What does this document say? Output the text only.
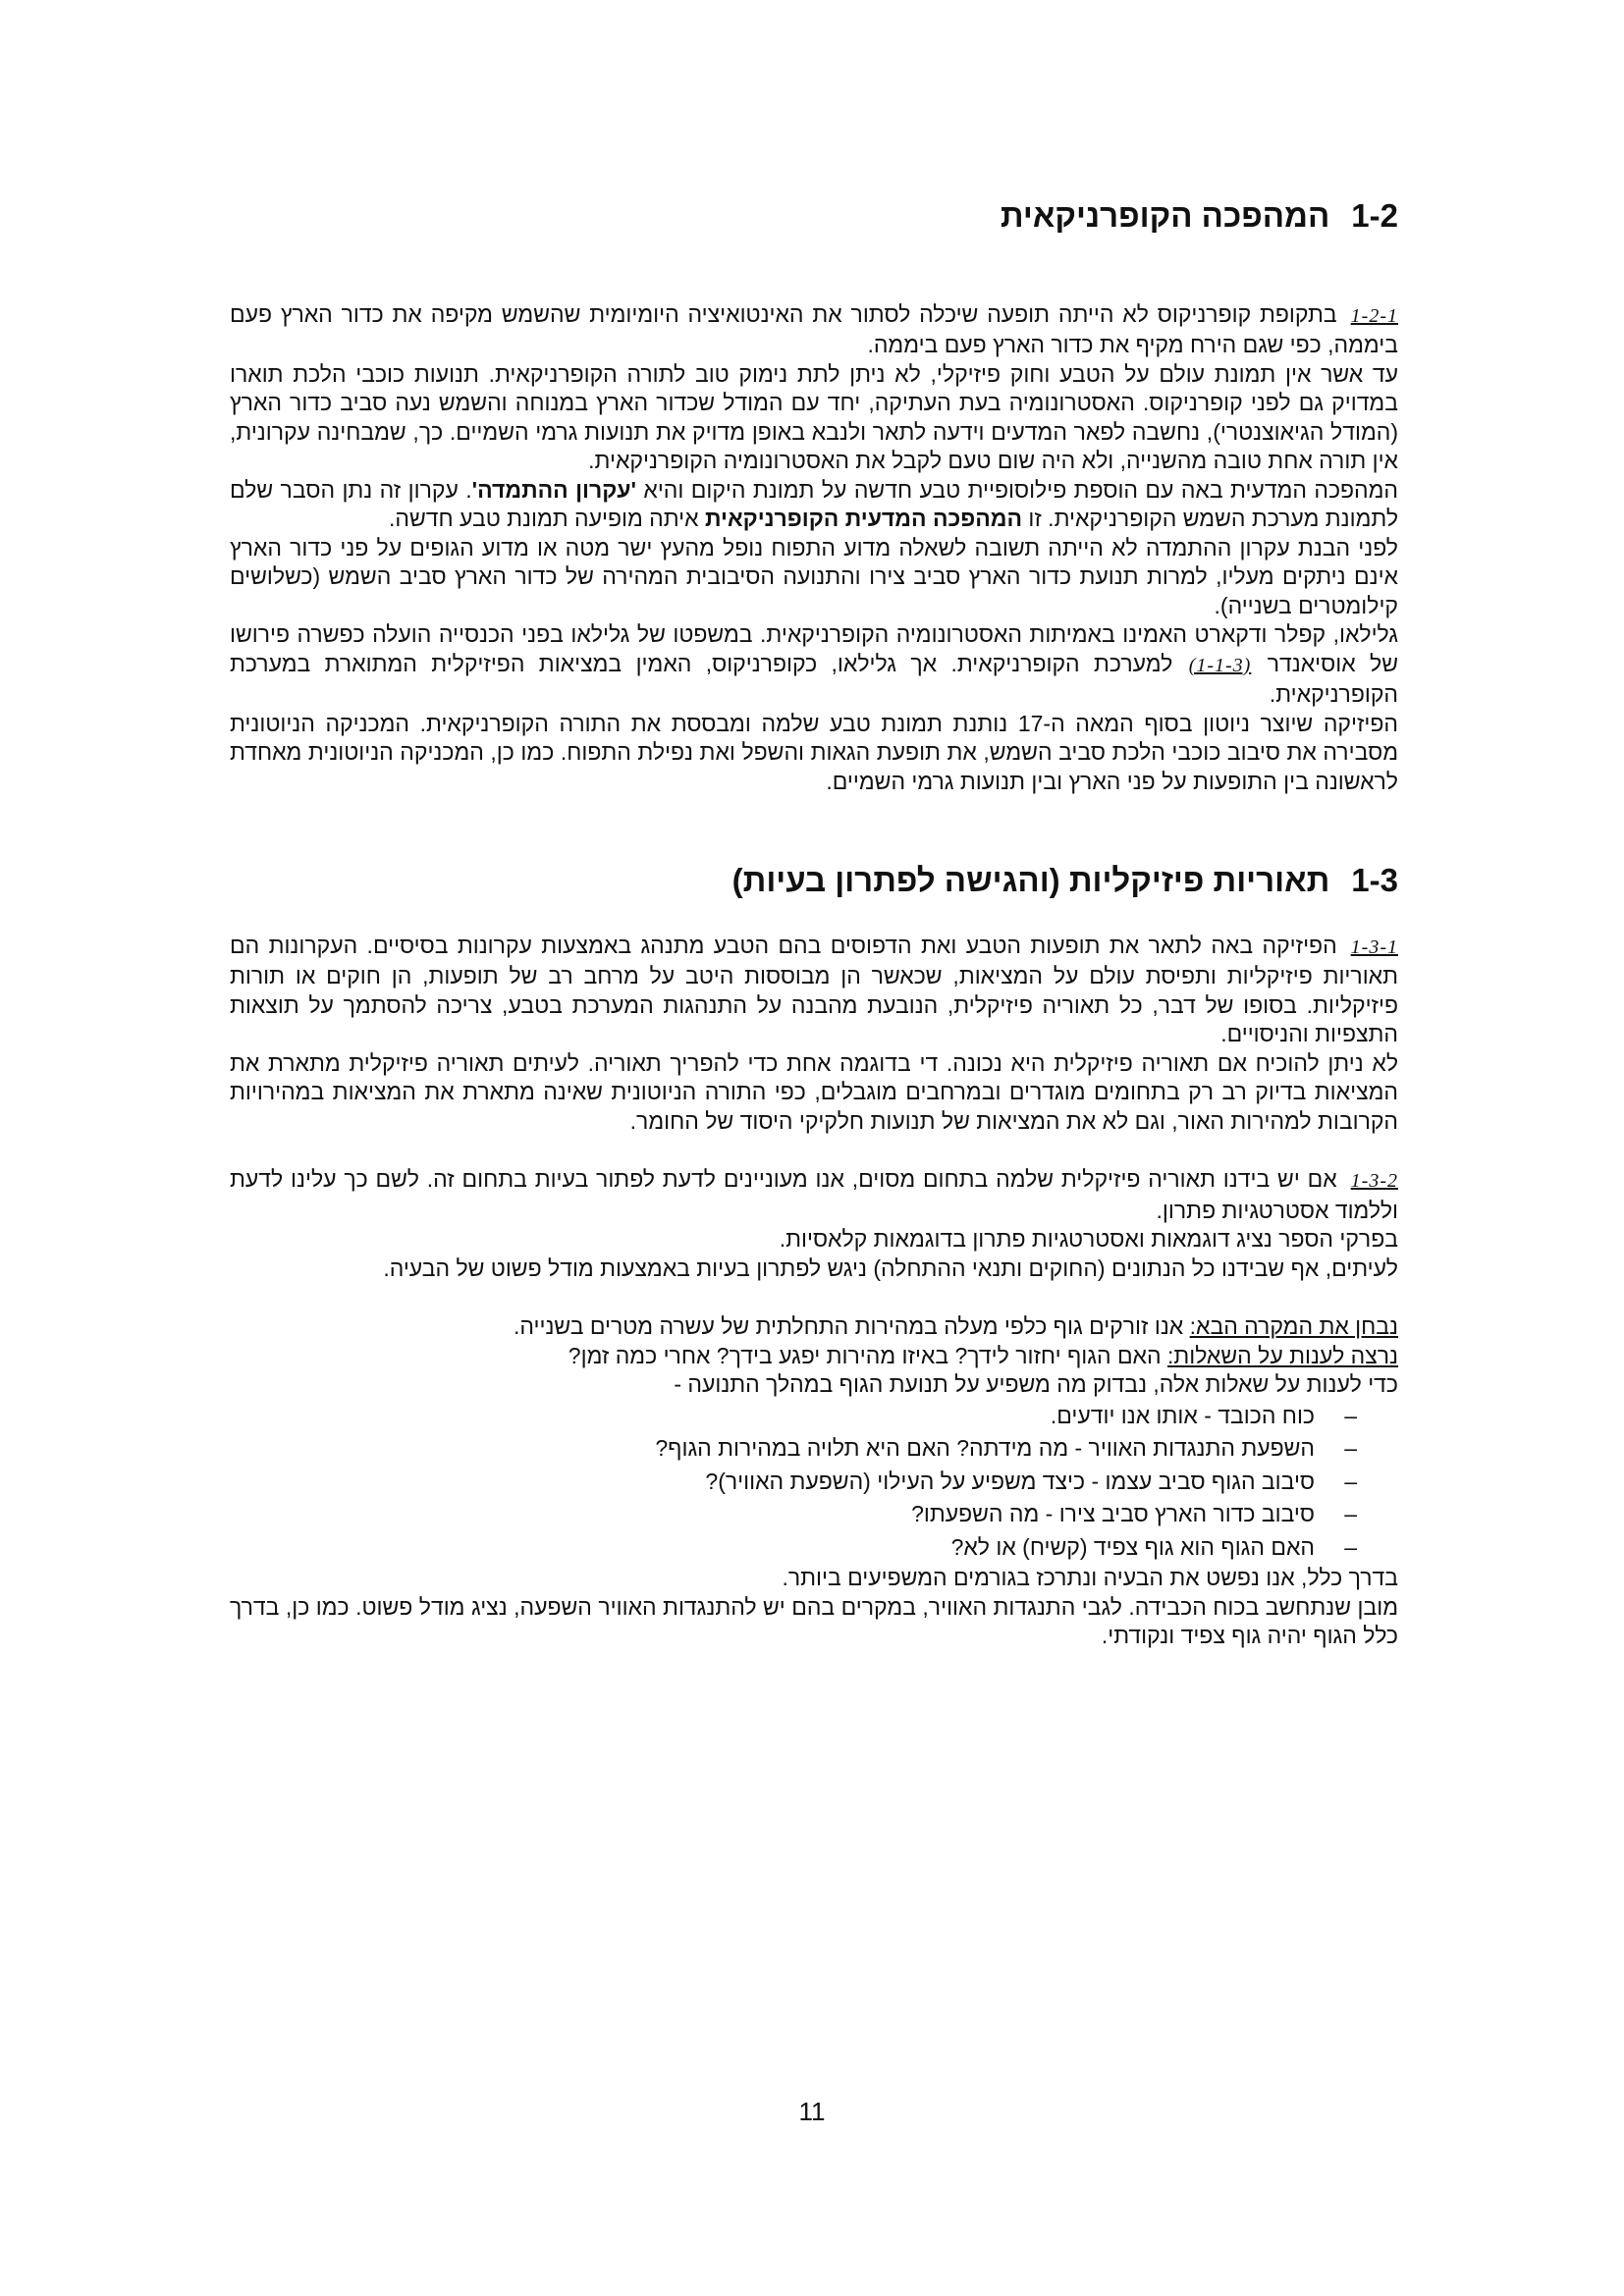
1-2
המהפכה הקופרניקאית

1-2-1בתקופת קופרניקוס לא הייתה תופעה שיכלה לסתור את האינטואיציה היומיומית שהשמש מקיפה את כדור הארץ פעם ביממה, כפי שגם הירח מקיף את כדור הארץ פעם ביממה.

עד אשר אין תמונת עולם על הטבע וחוק פיזיקלי, לא ניתן לתת נימוק טוב לתורה הקופרניקאית. תנועות כוכבי הלכת תוארו במדויק גם לפני קופרניקוס. האסטרונומיה בעת העתיקה, יחד עם המודל שכדור הארץ במנוחה והשמש נעה סביב כדור הארץ (המודל הגיאוצנטרי), נחשבה לפאר המדעים וידעה לתאר ולנבא באופן מדויק את תנועות גרמי השמיים. כך, שמבחינה עקרונית, אין תורה אחת טובה מהשנייה, ולא היה שום טעם לקבל את האסטרונומיה הקופרניקאית.

המהפכה המדעית באה עם הוספת פילוסופיית טבע חדשה על תמונת היקום והיא 'עקרון ההתמדה'. עקרון זה נתן הסבר שלם לתמונת מערכת השמש הקופרניקאית. זו המהפכה המדעית הקופרניקאית איתה מופיעה תמונת טבע חדשה.

לפני הבנת עקרון ההתמדה לא הייתה תשובה לשאלה מדוע התפוח נופל מהעץ ישר מטה או מדוע הגופים על פני כדור הארץ אינם ניתקים מעליו, למרות תנועת כדור הארץ סביב צירו והתנועה הסיבובית המהירה של כדור הארץ סביב השמש (כשלושים קילומטרים בשנייה).

גלילאו, קפלר ודקארט האמינו באמיתות האסטרונומיה הקופרניקאית. במשפטו של גלילאו בפני הכנסייה הועלה כפשרה פירושו של אוסיאנדר (1-1-3) למערכת הקופרניקאית. אך גלילאו, כקופרניקוס, האמין במציאות הפיזיקלית המתוארת במערכת הקופרניקאית.

הפיזיקה שיוצר ניוטון בסוף המאה ה-17 נותנת תמונת טבע שלמה ומבססת את התורה הקופרניקאית. המכניקה הניוטונית מסבירה את סיבוב כוכבי הלכת סביב השמש, את תופעת הגאות והשפל ואת נפילת התפוח. כמו כן, המכניקה הניוטונית מאחדת לראשונה בין התופעות על פני הארץ ובין תנועות גרמי השמיים.

1-3
תאוריות פיזיקליות (והגישה לפתרון בעיות)

1-3-1הפיזיקה באה לתאר את תופעות הטבע ואת הדפוסים בהם הטבע מתנהג באמצעות עקרונות בסיסיים. העקרונות הם תאוריות פיזיקליות ותפיסת עולם על המציאות, שכאשר הן מבוססות היטב על מרחב רב של תופעות, הן חוקים או תורות פיזיקליות. בסופו של דבר, כל תאוריה פיזיקלית, הנובעת מהבנה על התנהגות המערכת בטבע, צריכה להסתמך על תוצאות התצפיות והניסויים.

לא ניתן להוכיח אם תאוריה פיזיקלית היא נכונה. די בדוגמה אחת כדי להפריך תאוריה. לעיתים תאוריה פיזיקלית מתארת את המציאות בדיוק רב רק בתחומים מוגדרים ובמרחבים מוגבלים, כפי התורה הניוטונית שאינה מתארת את המציאות במהירויות הקרובות למהירות האור, וגם לא את המציאות של תנועות חלקיקי היסוד של החומר.

1-3-2אם יש בידנו תאוריה פיזיקלית שלמה בתחום מסוים, אנו מעוניינים לדעת לפתור בעיות בתחום זה. לשם כך עלינו לדעת וללמוד אסטרטגיות פתרון.

בפרקי הספר נציג דוגמאות ואסטרטגיות פתרון בדוגמאות קלאסיות.

לעיתים, אף שבידנו כל הנתונים (החוקים ותנאי ההתחלה) ניגש לפתרון בעיות באמצעות מודל פשוט של הבעיה.

נבחן את המקרה הבא: אנו זורקים גוף כלפי מעלה במהירות התחלתית של עשרה מטרים בשנייה.

נרצה לענות על השאלות: האם הגוף יחזור לידך? באיזו מהירות יפגע בידך? אחרי כמה זמן?

כדי לענות על שאלות אלה, נבדוק מה משפיע על תנועת הגוף במהלך התנועה -

– כוח הכובד - אותו אנו יודעים.
– השפעת התנגדות האוויר - מה מידתה? האם היא תלויה במהירות הגוף?
– סיבוב הגוף סביב עצמו - כיצד משפיע על העילוי (השפעת האוויר)?
– סיבוב כדור הארץ סביב צירו - מה השפעתו?
– האם הגוף הוא גוף צפיד (קשיח) או לא?

בדרך כלל, אנו נפשט את הבעיה ונתרכז בגורמים המשפיעים ביותר.

מובן שנתחשב בכוח הכבידה. לגבי התנגדות האוויר, במקרים בהם יש להתנגדות האוויר השפעה, נציג מודל פשוט. כמו כן, בדרך כלל הגוף יהיה גוף צפיד ונקודתי.

11
